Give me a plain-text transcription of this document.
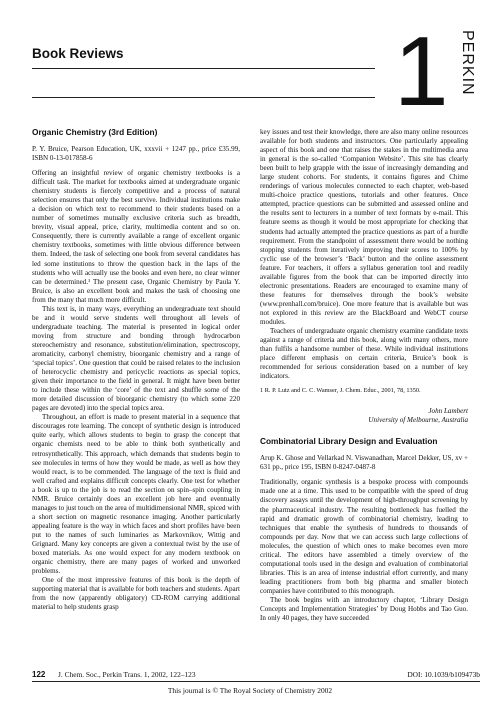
Book Reviews	1 PERKIN
Organic Chemistry (3rd Edition)
P. Y. Bruice, Pearson Education, UK, xxxvii + 1247 pp., price £35.99, ISBN 0-13-017858-6

Offering an insightful review of organic chemistry textbooks is a difficult task. The market for textbooks aimed at undergraduate organic chemistry students is fiercely competitive and a process of natural selection ensures that only the best survive. Individual institutions make a decision on which text to recommend to their students based on a number of sometimes mutually exclusive criteria such as breadth, brevity, visual appeal, price, clarity, multimedia content and so on. Consequently, there is currently available a range of excellent organic chemistry textbooks, sometimes with little obvious difference between them. Indeed, the task of selecting one book from several candidates has led some institutions to throw the question back in the laps of the students who will actually use the books and even here, no clear winner can be determined.¹ The present case, Organic Chemistry by Paula Y. Bruice, is also an excellent book and makes the task of choosing one from the many that much more difficult.

This text is, in many ways, everything an undergraduate text should be and it would serve students well throughout all levels of undergraduate teaching. The material is presented in logical order moving from structure and bonding through hydrocarbon stereochemistry and resonance, substitution/elimination, spectroscopy, aromaticity, carbonyl chemistry, bioorganic chemistry and a range of ‘special topics’. One question that could be raised relates to the inclusion of heterocyclic chemistry and pericyclic reactions as special topics, given their importance to the field in general. It might have been better to include these within the ‘core’ of the text and shuffle some of the more detailed discussion of bioorganic chemistry (to which some 220 pages are devoted) into the special topics area.

Throughout, an effort is made to present material in a sequence that discourages rote learning. The concept of synthetic design is introduced quite early, which allows students to begin to grasp the concept that organic chemists need to be able to think both synthetically and retrosynthetically. This approach, which demands that students begin to see molecules in terms of how they would be made, as well as how they would react, is to be commended. The language of the text is fluid and well crafted and explains difficult concepts clearly. One test for whether a book is up to the job is to read the section on spin–spin coupling in NMR. Bruice certainly does an excellent job here and eventually manages to just touch on the area of multidimensional NMR, spiced with a short section on magnetic resonance imaging. Another particularly appealing feature is the way in which faces and short profiles have been put to the names of such luminaries as Markovnikov, Wittig and Grignard. Many key concepts are given a contextual twist by the use of boxed materials. As one would expect for any modern textbook on organic chemistry, there are many pages of worked and unworked problems.

One of the most impressive features of this book is the depth of supporting material that is available for both teachers and students. Apart from the now (apparently obligatory) CD-ROM carrying additional material to help students grasp

key issues and test their knowledge, there are also many online resources available for both students and instructors. One particularly appealing aspect of this book and one that raises the stakes in the multimedia area in general is the so-called ‘Companion Website’. This site has clearly been built to help grapple with the issue of increasingly demanding and large student cohorts. For students, it contains figures and Chime renderings of various molecules connected to each chapter, web-based multi-choice practice questions, tutorials and other features. Once attempted, practice questions can be submitted and assessed online and the results sent to lecturers in a number of text formats by e-mail. This feature seems as though it would be most appropriate for checking that students had actually attempted the practice questions as part of a hurdle requirement. From the standpoint of assessment there would be nothing stopping students from iteratively improving their scores to 100% by cyclic use of the browser’s ‘Back’ button and the online assessment feature. For teachers, it offers a syllabus generation tool and readily available figures from the book that can be imported directly into electronic presentations. Readers are encouraged to examine many of these features for themselves through the book’s website (www.prenhall.com/bruice). One more feature that is available but was not explored in this review are the BlackBoard and WebCT course modules.

Teachers of undergraduate organic chemistry examine candidate texts against a range of criteria and this book, along with many others, more than fulfils a handsome number of these. While individual institutions place different emphasis on certain criteria, Bruice’s book is recommended for serious consideration based on a number of key indicators.

1 R. P. Lutz and C. C. Wamser, J. Chem. Educ., 2001, 78, 1350.
John Lambert
University of Melbourne, Australia
Combinatorial Library Design and Evaluation
Arup K. Ghose and Vellarkad N. Viswanadhan, Marcel Dekker, US, xv + 631 pp., price 195, ISBN 0-8247-0487-8

Traditionally, organic synthesis is a bespoke process with compounds made one at a time. This used to be compatible with the speed of drug discovery assays until the development of high-throughput screening by the pharmaceutical industry. The resulting bottleneck has fuelled the rapid and dramatic growth of combinatorial chemistry, leading to techniques that enable the synthesis of hundreds to thousands of compounds per day. Now that we can access such large collections of molecules, the question of which ones to make becomes even more critical. The editors have assembled a timely overview of the computational tools used in the design and evaluation of combinatorial libraries. This is an area of intense industrial effort currently, and many leading practitioners from both big pharma and smaller biotech companies have contributed to this monograph.

The book begins with an introductory chapter, ‘Library Design Concepts and Implementation Strategies’ by Doug Hobbs and Tao Guo. In only 40 pages, they have succeeded

122 J. Chem. Soc., Perkin Trans. 1, 2002, 122–123	DOI: 10.1039/b109473b
This journal is © The Royal Society of Chemistry 2002
